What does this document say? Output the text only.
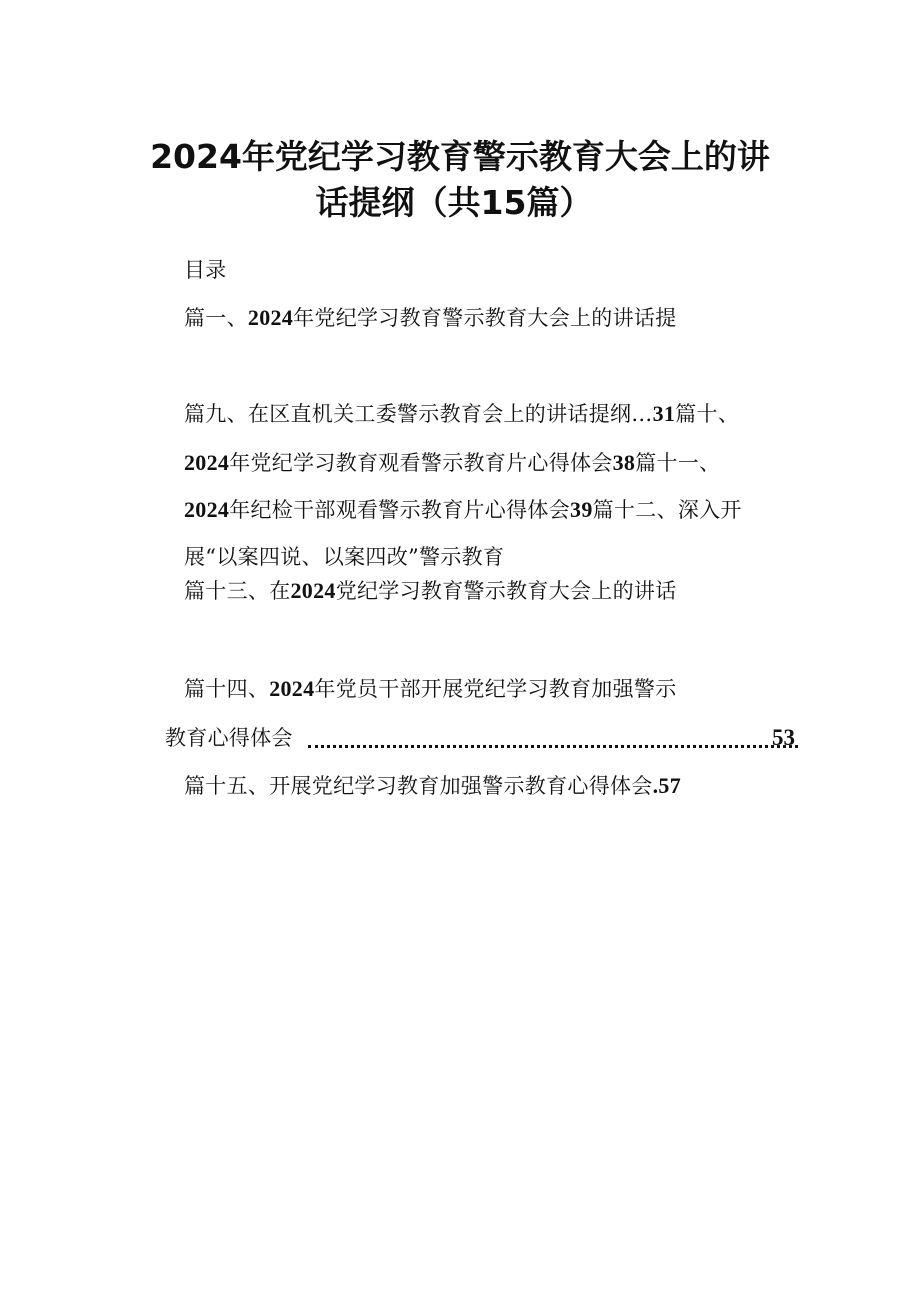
2024年党纪学习教育警示教育大会上的讲
话提纲（共15篇）
目录
篇一、2024年党纪学习教育警示教育大会上的讲话提
篇九、在区直机关工委警示教育会上的讲话提纲…31篇十、
2024年党纪学习教育观看警示教育片心得体会38篇十一、
2024年纪检干部观看警示教育片心得体会39篇十二、深入开
展“以案四说、以案四改”警示教育
篇十三、在2024党纪学习教育警示教育大会上的讲话
篇十四、2024年党员干部开展党纪学习教育加强警示
教育心得体会	53
篇十五、开展党纪学习教育加强警示教育心得体会.57
